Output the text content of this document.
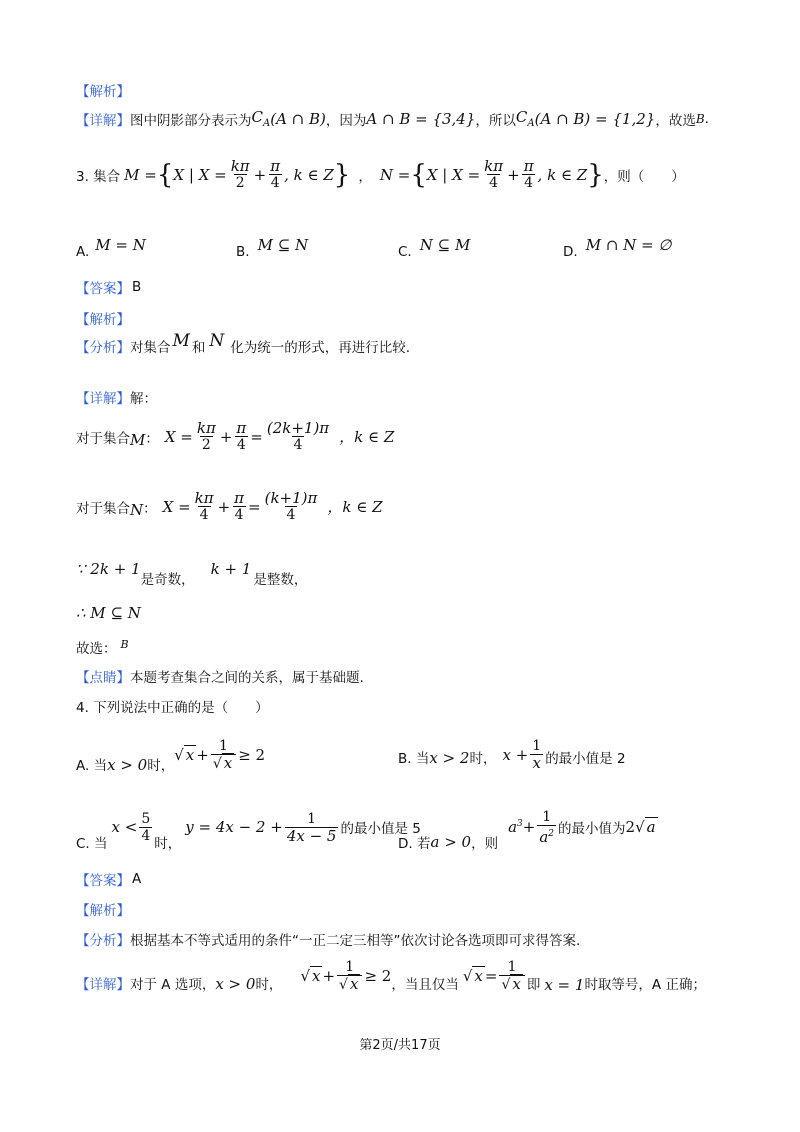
【解析】
【详解】 图中阴影部分表示为 $C_A$ (A ∩ B) ，因为 A ∩ B = {3,4} ，所以 $C_A$ (A ∩ B) = {1,2} ，故选 B .
3. 集合 M = { X | $X = \frac{k\pi}{2} + \frac{\pi}{4}$ , k ∈ Z } ， N = { X | $X = \frac{k\pi}{4} + \frac{\pi}{4}$ , k ∈ Z } ，则（　　）
A. M = N	B. M ⊆ N	C. N ⊆ M	D. M ∩ N = ∅
【答案】 B
【解析】
【分析】 对集合 M 和 N 化为统一的形式，再进行比较.
【详解】 解：
对于集合 M ： $X = \frac{k\pi}{2} + \frac{\pi}{4} = \frac{(2k+1)\pi}{4}$ ，k ∈ Z
对于集合 N ： $X = \frac{k\pi}{4} + \frac{\pi}{4} = \frac{(k+1)\pi}{4}$ ，k ∈ Z
∵ 2k + 1
是奇数，
k + 1
是整数，
∴ M ⊆ N
故选： B
【点睛】 本题考查集合之间的关系，属于基础题.
4. 下列说法中正确的是（　　）
A. 当 x > 0 时，
√ $x + \frac{1}{√ x} \ge 2$	B. 当 x > 2 时， $x + \frac{1}{x}$ 的最小值是 2
C. 当
$x < \frac{5}{4}$
时，
$y = 4x - 2 + \frac{1}{4x - 5}$ 的最小值是 5
D. 若 a > 0 ，则
$a^3 + \frac{1}{a^2}$ 的最小值为 2√ a
【答案】 A
【解析】
【分析】 根据基本不等式适用的条件“一正二定三相等”依次讨论各选项即可求得答案.
【详解】 对于 A 选项， x > 0 时， √ $x + \frac{1}{√ x} \ge 2$ ，当且仅当 √ $x = \frac{1}{√ x}$ 即 x = 1 时取等号，A 正确；
第2页/共17页
